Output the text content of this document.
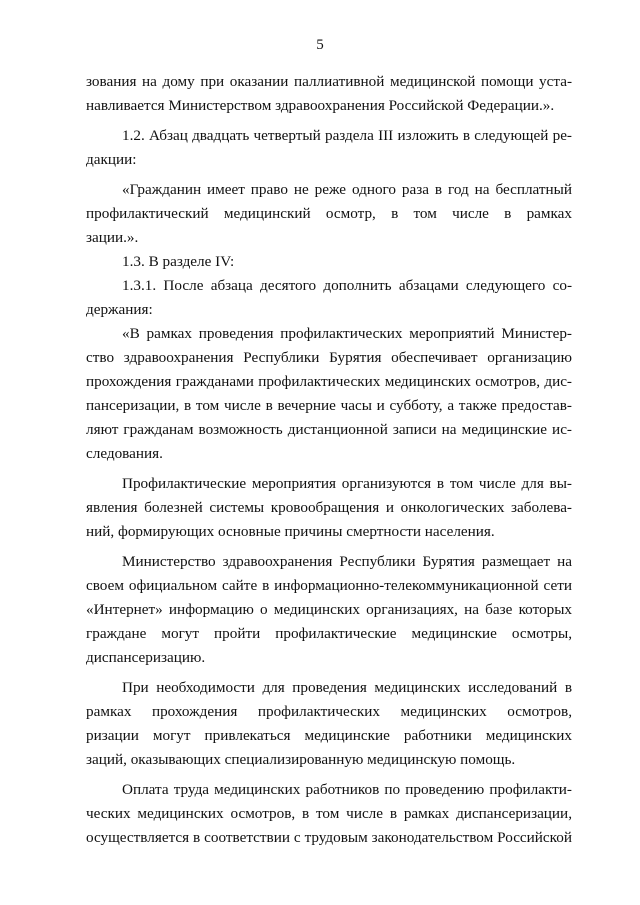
5
зования на дому при оказании паллиативной медицинской помощи уста-
навливается Министерством здравоохранения Российской Федерации.».
1.2. Абзац двадцать четвертый раздела III изложить в следующей ре-
дакции:
«Гражданин имеет право не реже одного раза в год на бесплатный
профилактический медицинский осмотр, в том числе в рамках
зации.».
1.3. В разделе IV:
1.3.1. После абзаца десятого дополнить абзацами следующего со-
держания:
«В рамках проведения профилактических мероприятий Министер-
ство здравоохранения Республики Бурятия обеспечивает организацию
прохождения гражданами профилактических медицинских осмотров, дис-
пансеризации, в том числе в вечерние часы и субботу, а также предостав-
ляют гражданам возможность дистанционной записи на медицинские ис-
следования.
Профилактические мероприятия организуются в том числе для вы-
явления болезней системы кровообращения и онкологических заболева-
ний, формирующих основные причины смертности населения.
Министерство здравоохранения Республики Бурятия размещает на
своем официальном сайте в информационно-телекоммуникационной сети
«Интернет» информацию о медицинских организациях, на базе которых
граждане могут пройти профилактические медицинские осмотры,
диспансеризацию.
При необходимости для проведения медицинских исследований в
рамках прохождения профилактических медицинских осмотров,
ризации могут привлекаться медицинские работники медицинских
заций, оказывающих специализированную медицинскую помощь.
Оплата труда медицинских работников по проведению профилакти-
ческих медицинских осмотров, в том числе в рамках диспансеризации,
осуществляется в соответствии с трудовым законодательством Российской
